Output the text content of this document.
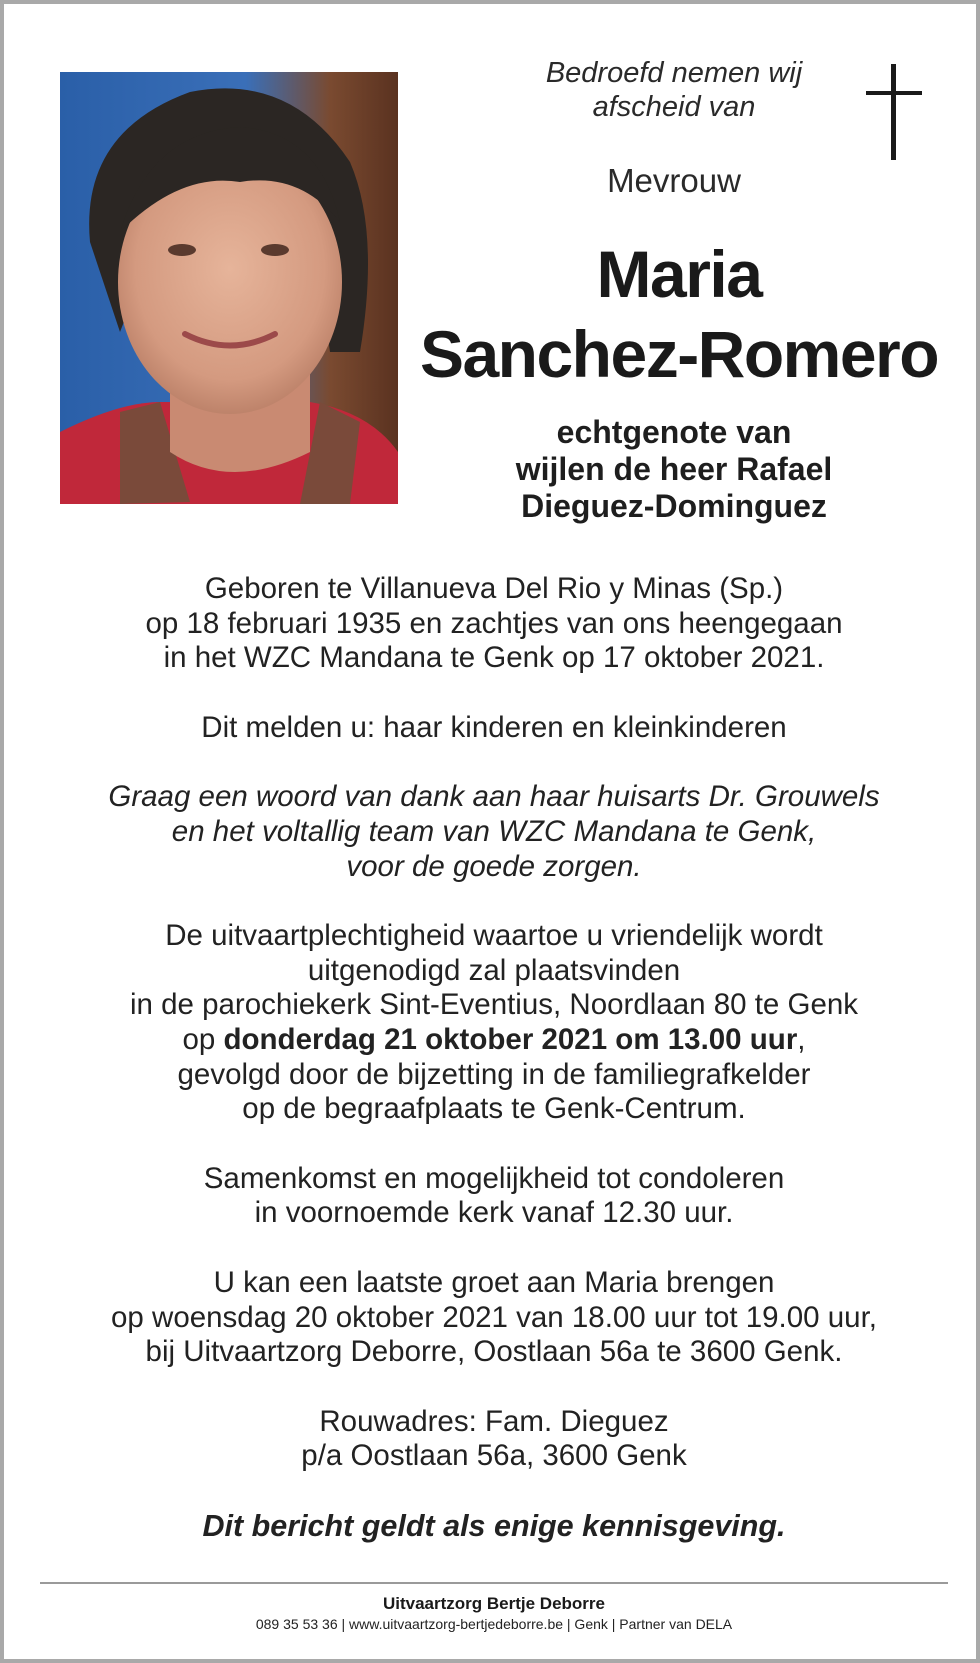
Bedroefd nemen wij
afscheid van
Mevrouw
Maria
Sanchez-Romero
echtgenote van
wijlen de heer Rafael
Dieguez-Dominguez

Geboren te Villanueva Del Rio y Minas (Sp.)
op 18 februari 1935 en zachtjes van ons heengegaan
in het WZC Mandana te Genk op 17 oktober 2021.

Dit melden u: haar kinderen en kleinkinderen

Graag een woord van dank aan haar huisarts Dr. Grouwels
en het voltallig team van WZC Mandana te Genk,
voor de goede zorgen.

De uitvaartplechtigheid waartoe u vriendelijk wordt
uitgenodigd zal plaatsvinden
in de parochiekerk Sint-Eventius, Noordlaan 80 te Genk
op donderdag 21 oktober 2021 om 13.00 uur,
gevolgd door de bijzetting in de familiegrafkelder
op de begraafplaats te Genk-Centrum.

Samenkomst en mogelijkheid tot condoleren
in voornoemde kerk vanaf 12.30 uur.

U kan een laatste groet aan Maria brengen
op woensdag 20 oktober 2021 van 18.00 uur tot 19.00 uur,
bij Uitvaartzorg Deborre, Oostlaan 56a te 3600 Genk.

Rouwadres: Fam. Dieguez
p/a Oostlaan 56a, 3600 Genk

Dit bericht geldt als enige kennisgeving.

Uitvaartzorg Bertje Deborre
089 35 53 36 | www.uitvaartzorg-bertjedeborre.be | Genk | Partner van DELA
